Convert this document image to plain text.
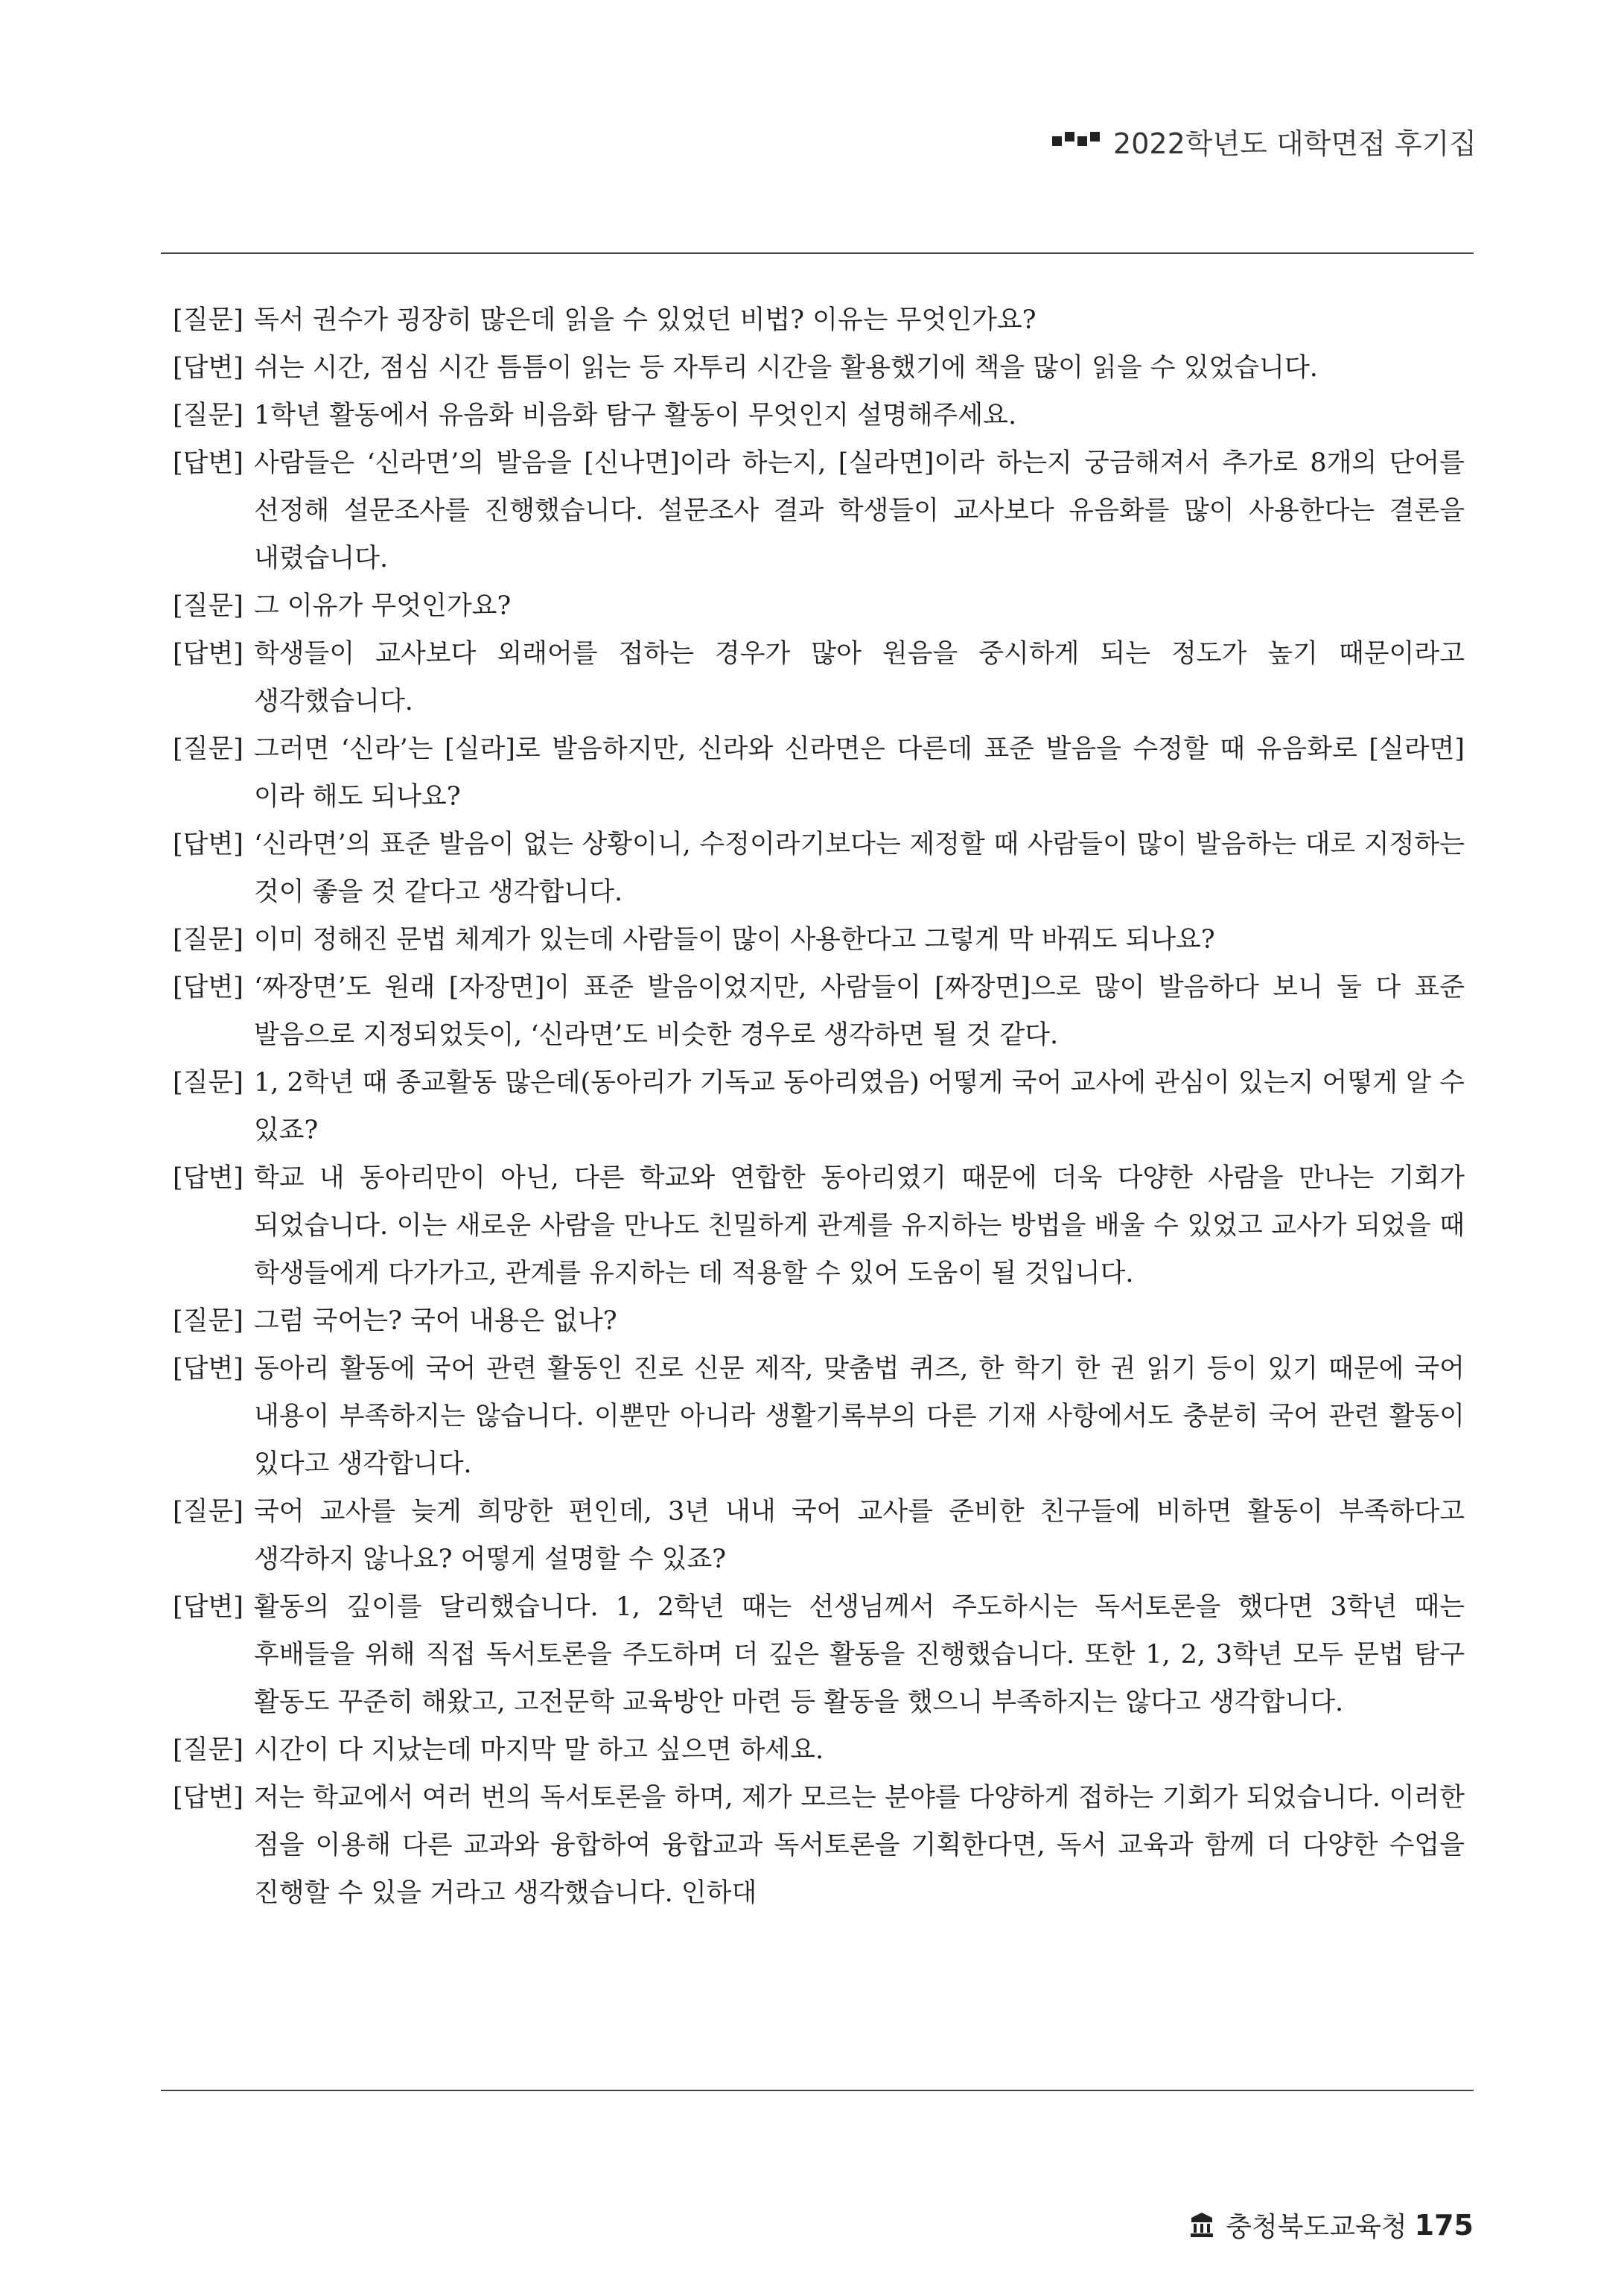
2022학년도 대학면접 후기집
[질문] 독서 권수가 굉장히 많은데 읽을 수 있었던 비법? 이유는 무엇인가요?
[답변] 쉬는 시간, 점심 시간 틈틈이 읽는 등 자투리 시간을 활용했기에 책을 많이 읽을 수 있었습니다.
[질문] 1학년 활동에서 유음화 비음화 탐구 활동이 무엇인지 설명해주세요.
[답변] 사람들은 ‘신라면’의 발음을 [신나면]이라 하는지, [실라면]이라 하는지 궁금해져서 추가로 8개의 단어를 선정해 설문조사를 진행했습니다. 설문조사 결과 학생들이 교사보다 유음화를 많이 사용한다는 결론을 내렸습니다.
[질문] 그 이유가 무엇인가요?
[답변] 학생들이 교사보다 외래어를 접하는 경우가 많아 원음을 중시하게 되는 정도가 높기 때문이라고 생각했습니다.
[질문] 그러면 ‘신라’는 [실라]로 발음하지만, 신라와 신라면은 다른데 표준 발음을 수정할 때 유음화로 [실라면]이라 해도 되나요?
[답변] ‘신라면’의 표준 발음이 없는 상황이니, 수정이라기보다는 제정할 때 사람들이 많이 발음하는 대로 지정하는 것이 좋을 것 같다고 생각합니다.
[질문] 이미 정해진 문법 체계가 있는데 사람들이 많이 사용한다고 그렇게 막 바꿔도 되나요?
[답변] ‘짜장면’도 원래 [자장면]이 표준 발음이었지만, 사람들이 [짜장면]으로 많이 발음하다 보니 둘 다 표준 발음으로 지정되었듯이, ‘신라면’도 비슷한 경우로 생각하면 될 것 같다.
[질문] 1, 2학년 때 종교활동 많은데(동아리가 기독교 동아리였음) 어떻게 국어 교사에 관심이 있는지 어떻게 알 수 있죠?
[답변] 학교 내 동아리만이 아닌, 다른 학교와 연합한 동아리였기 때문에 더욱 다양한 사람을 만나는 기회가 되었습니다. 이는 새로운 사람을 만나도 친밀하게 관계를 유지하는 방법을 배울 수 있었고 교사가 되었을 때 학생들에게 다가가고, 관계를 유지하는 데 적용할 수 있어 도움이 될 것입니다.
[질문] 그럼 국어는? 국어 내용은 없나?
[답변] 동아리 활동에 국어 관련 활동인 진로 신문 제작, 맞춤법 퀴즈, 한 학기 한 권 읽기 등이 있기 때문에 국어 내용이 부족하지는 않습니다. 이뿐만 아니라 생활기록부의 다른 기재 사항에서도 충분히 국어 관련 활동이 있다고 생각합니다.
[질문] 국어 교사를 늦게 희망한 편인데, 3년 내내 국어 교사를 준비한 친구들에 비하면 활동이 부족하다고 생각하지 않나요? 어떻게 설명할 수 있죠?
[답변] 활동의 깊이를 달리했습니다. 1, 2학년 때는 선생님께서 주도하시는 독서토론을 했다면 3학년 때는 후배들을 위해 직접 독서토론을 주도하며 더 깊은 활동을 진행했습니다. 또한 1, 2, 3학년 모두 문법 탐구 활동도 꾸준히 해왔고, 고전문학 교육방안 마련 등 활동을 했으니 부족하지는 않다고 생각합니다.
[질문] 시간이 다 지났는데 마지막 말 하고 싶으면 하세요.
[답변] 저는 학교에서 여러 번의 독서토론을 하며, 제가 모르는 분야를 다양하게 접하는 기회가 되었습니다. 이러한 점을 이용해 다른 교과와 융합하여 융합교과 독서토론을 기획한다면, 독서 교육과 함께 더 다양한 수업을 진행할 수 있을 거라고 생각했습니다. 인하대
충청북도교육청 175
